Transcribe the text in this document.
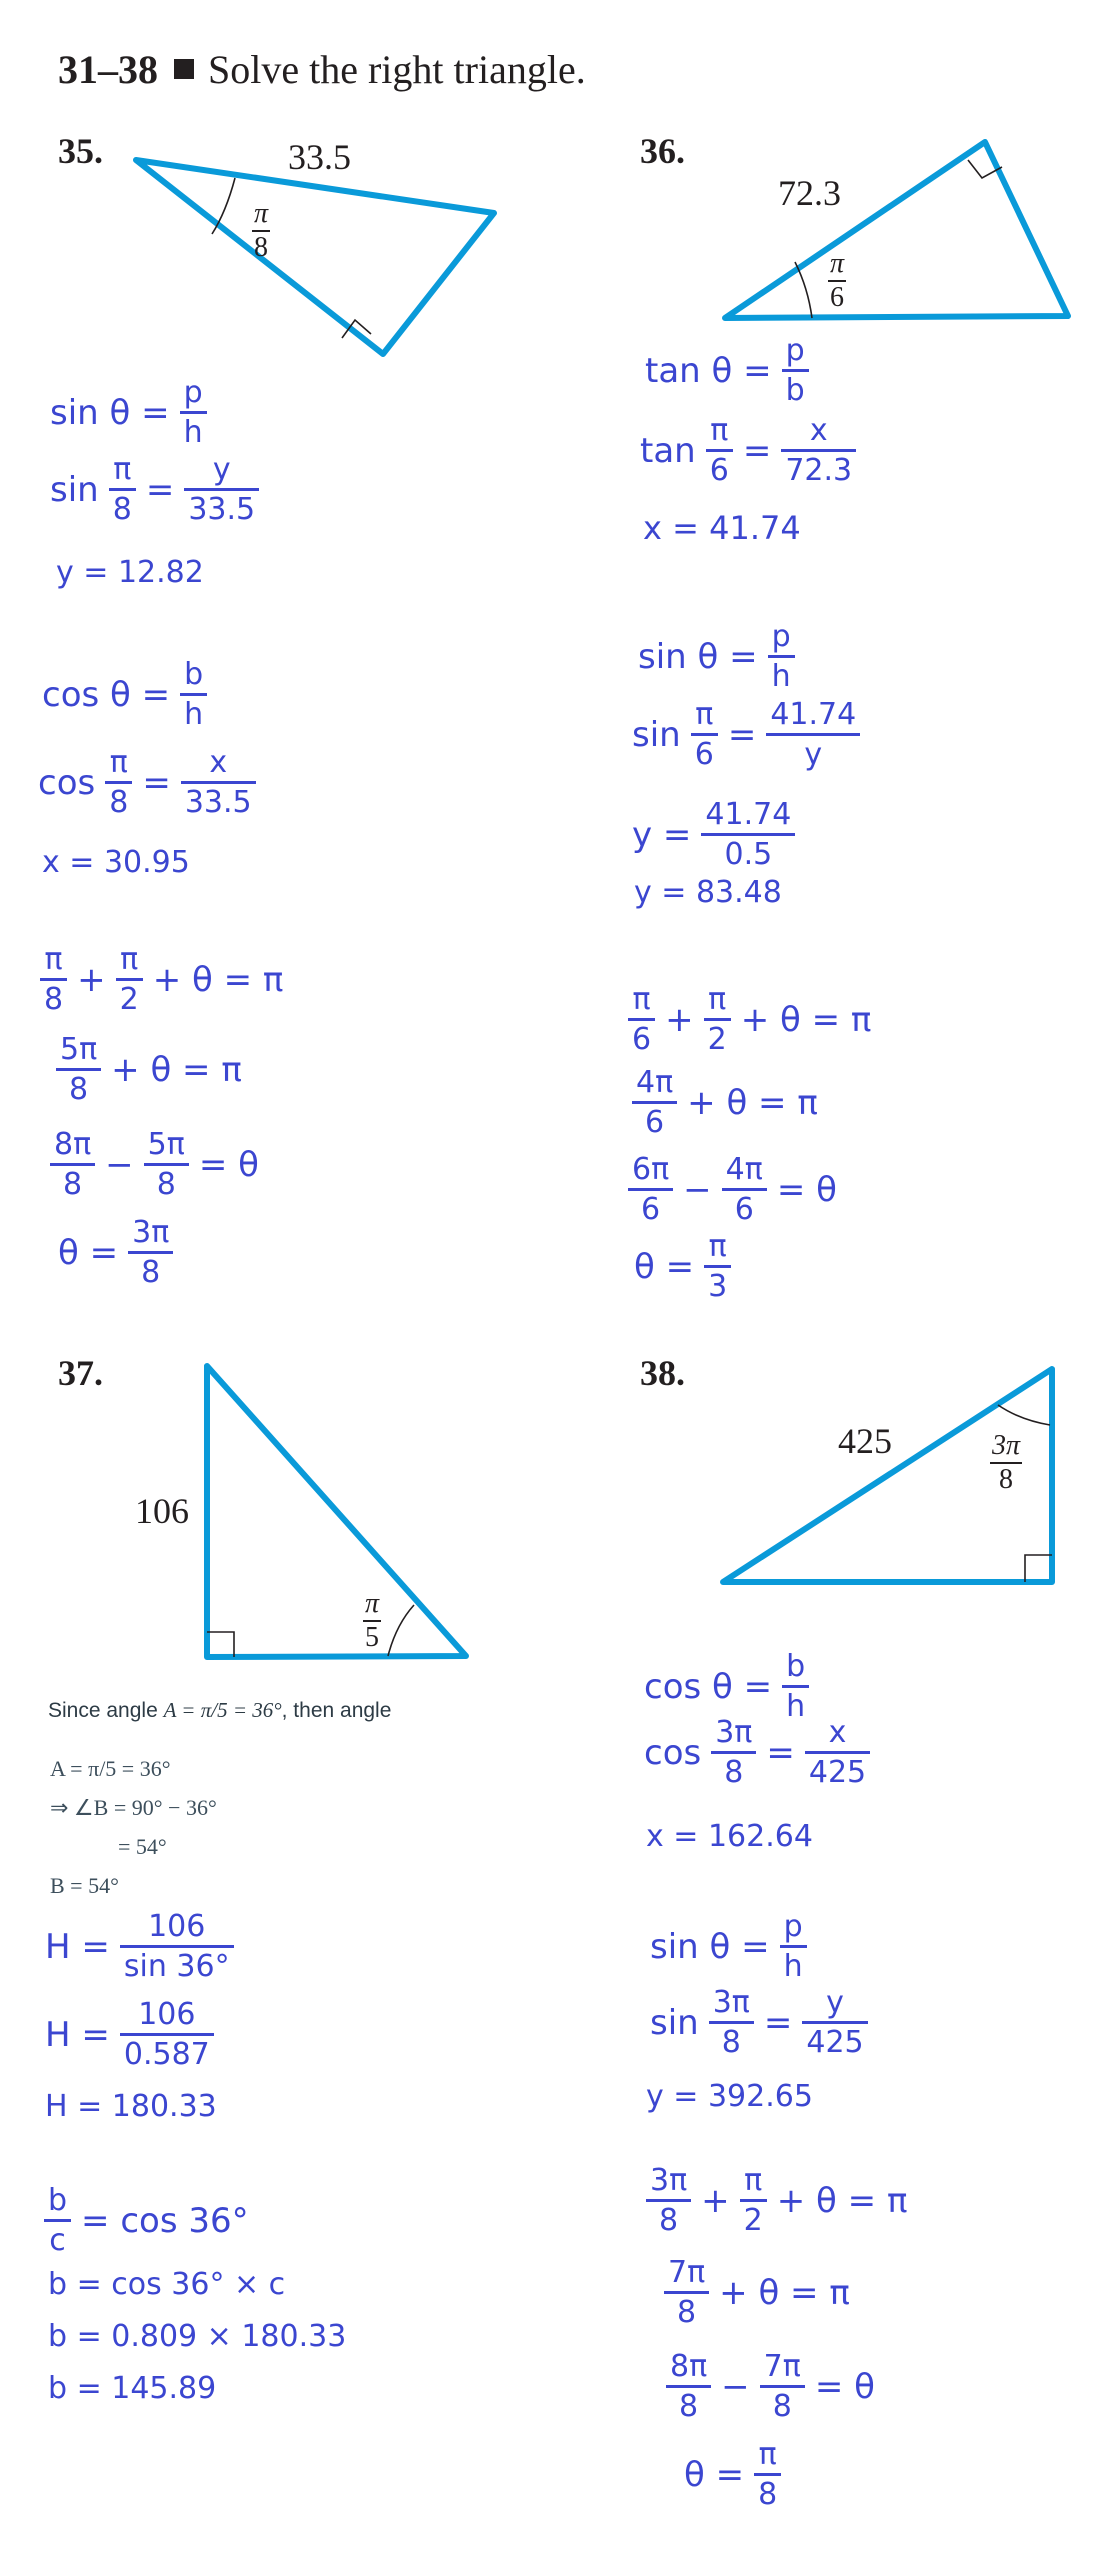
31–38 Solve the right triangle.
35.	33.5
π
8
36.
72.3
π
6
sin θ =
p
h
sin
π
8 =
y
33.5
y = 12.82
cos θ =
b
h
cos
π
8 =
x
33.5
x = 30.95
π
8 +
π
2 + θ = π
5π
8 + θ = π
8π
8 −
5π
8 = θ
θ =
3π
8
tan θ =
p
b
tan
π
6 =
x
72.3
x = 41.74
sin θ =
p
h
sin
π
6 =
41.74
y
y =
41.74
0.5
y = 83.48
π
6 +
π
2 + θ = π
4π
6 + θ = π
6π
6 −
4π
6 = θ
θ =
π
3
37.
106
π
5
Since angle A = π/5 = 36°, then angle
A = π/5 = 36°
⇒ ∠B = 90° − 36°
= 54°
B = 54°
H =
106
sin 36°
H =
106
0.587
H = 180.33
b
c = cos 36°
b = cos 36° × c
b = 0.809 × 180.33
b = 145.89
38.
425	3π
8
cos θ =
b
h
cos
3π
8 =
x
425
x = 162.64
sin θ =
p
h
sin
3π
8 =
y
425
y = 392.65
3π
8 +
π
2 + θ = π
7π
8 + θ = π
8π
8 −
7π
8 = θ
θ =
π
8
